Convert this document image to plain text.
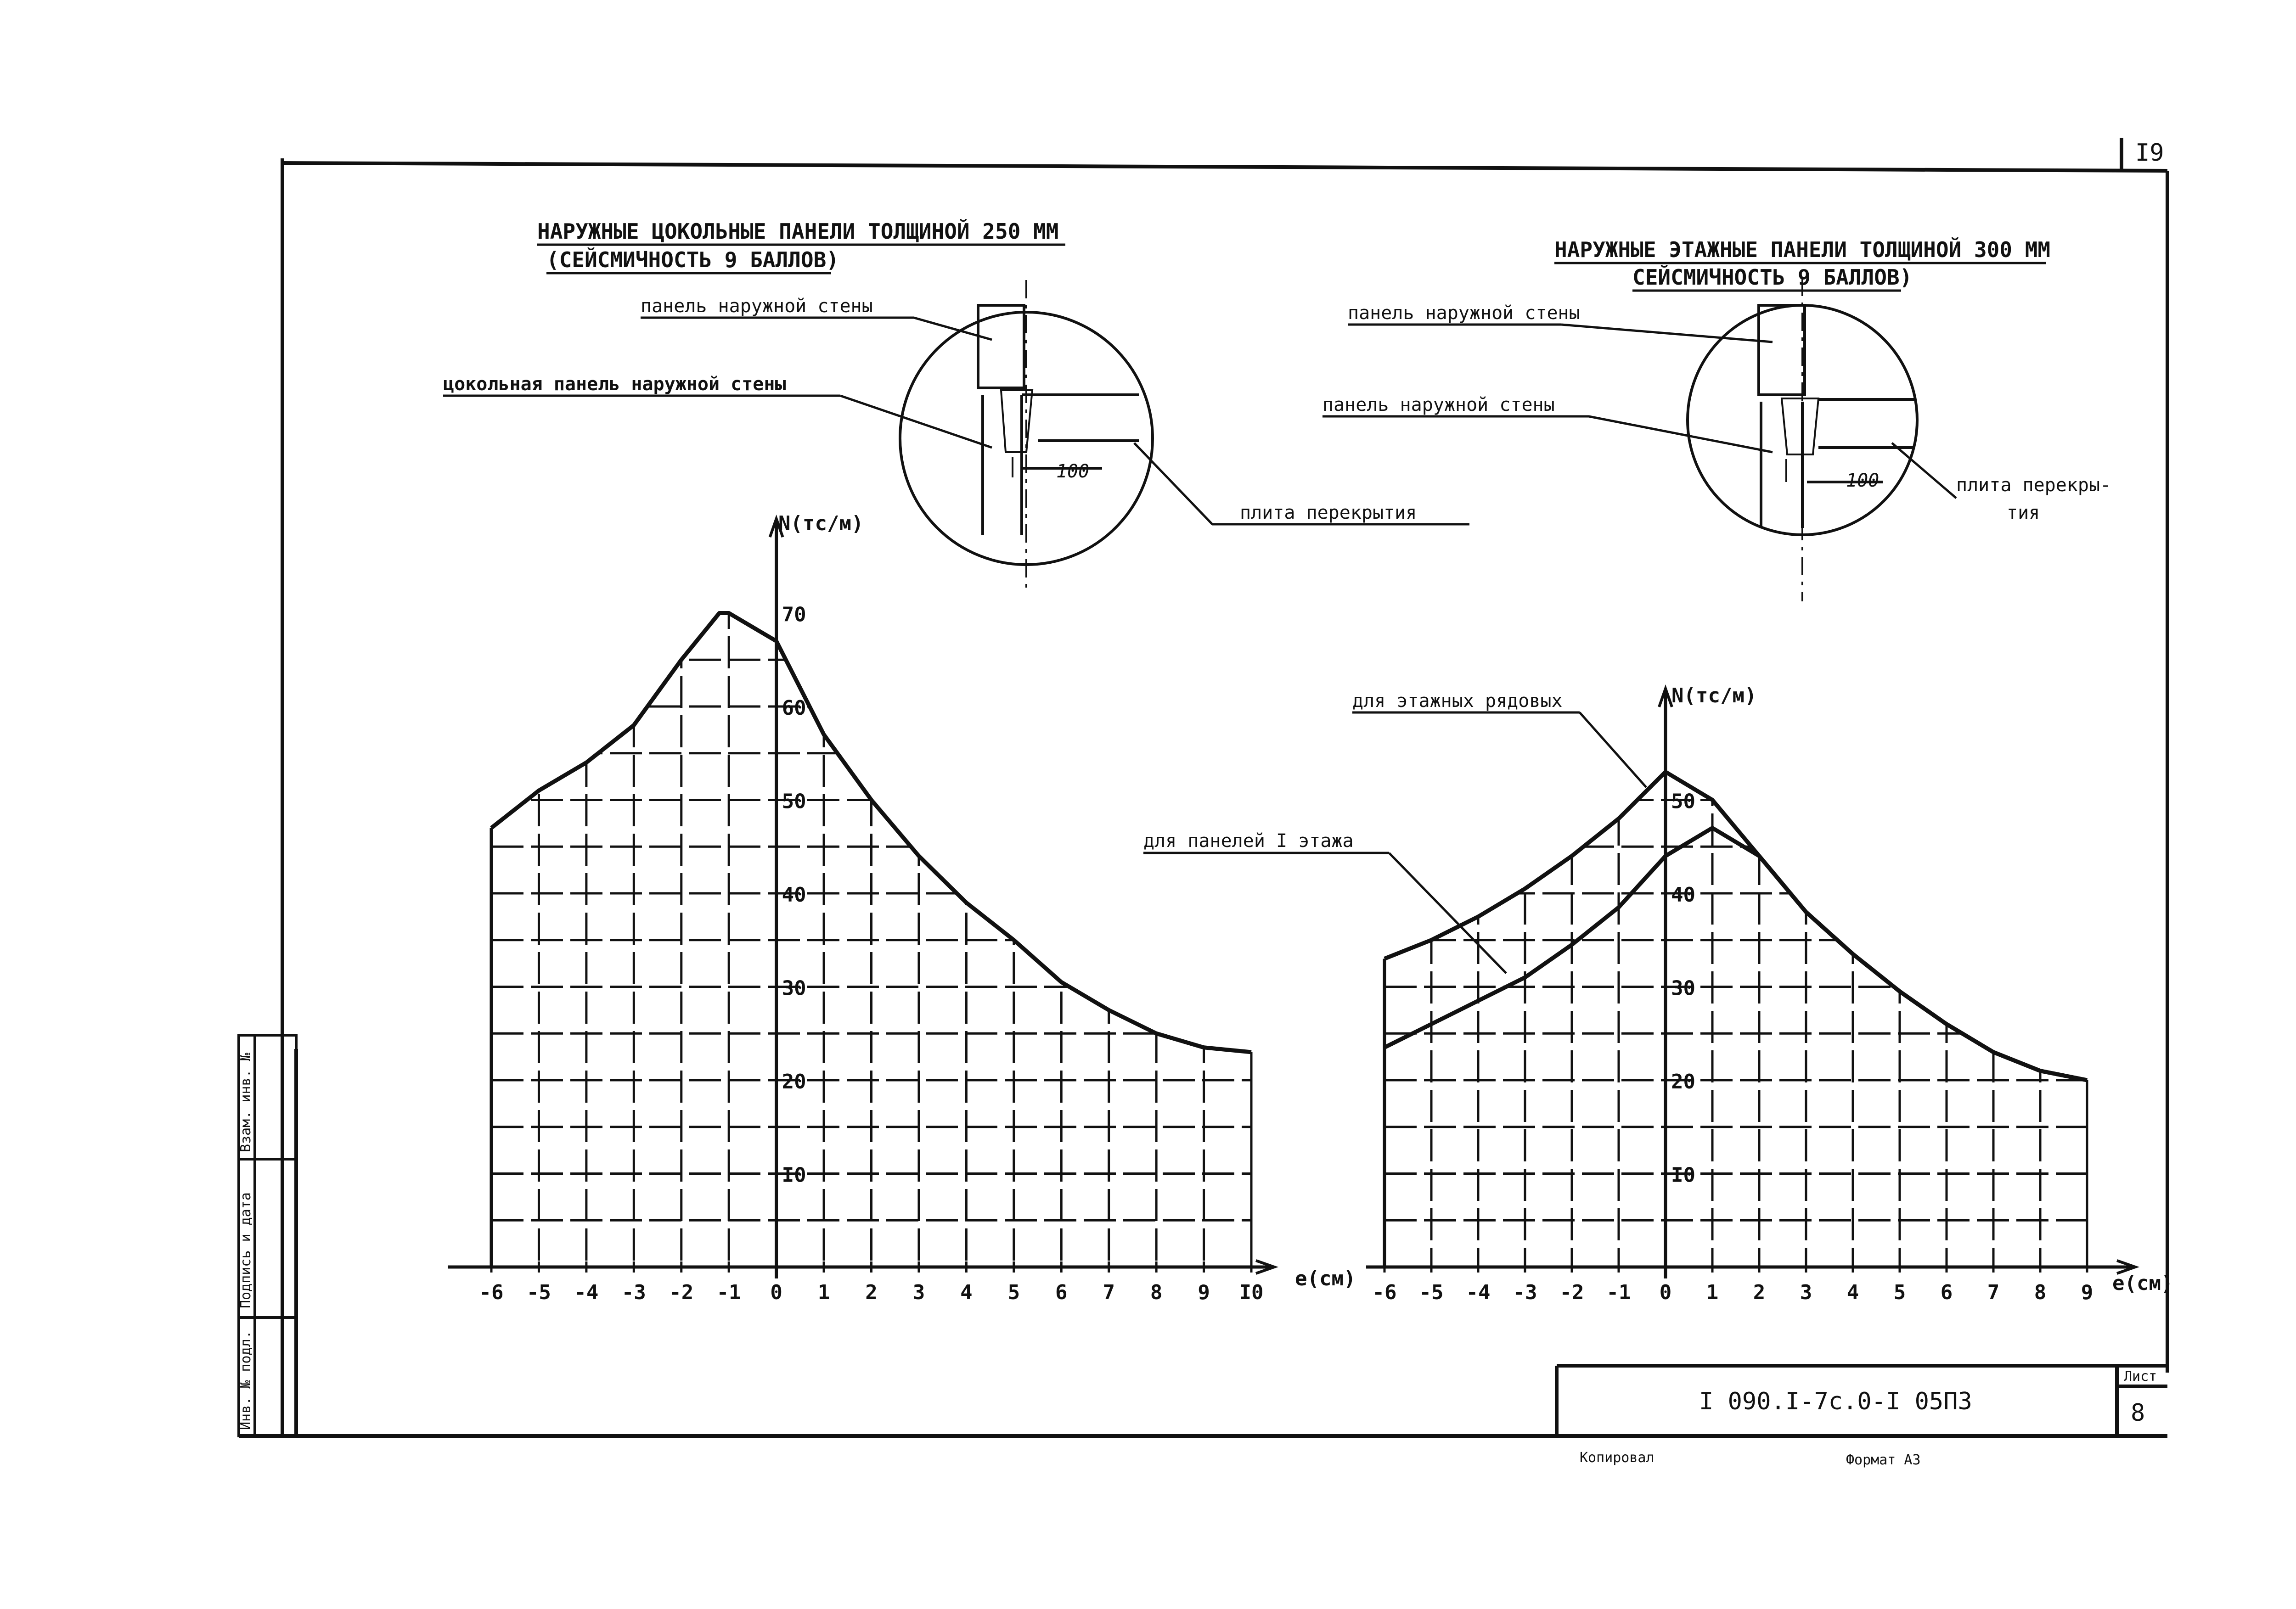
I9
Взам. инв. №
Подпись и дата
Инв. № подл.	I 090.I-7c.0-I 05ПЗ
Лист
8
Копировал	Формат А3
НАРУЖНЫЕ ЦОКОЛЬНЫЕ ПАНЕЛИ ТОЛЩИНОЙ 250 ММ
(СЕЙСМИЧНОСТЬ 9 БАЛЛОВ)
100
панель наружной стены
цокольная панель наружной стены
плита перекрытия
НАРУЖНЫЕ ЭТАЖНЫЕ ПАНЕЛИ ТОЛЩИНОЙ 300 ММ
СЕЙСМИЧНОСТЬ 9 БАЛЛОВ)
100
панель наружной стены
панель наружной стены
плита перекры-
тия
-6 -5 -4 -3 -2 -1 0 1 2 3 4 5 6 7 8 9 I0
I0
20
30
40
50
60
70
N(тс/м)
e(см)
-6 -5 -4 -3 -2 -1 0 1 2 3 4 5 6 7 8 9
I0
20
30
40
50
N(тс/м)
e(см)
для этажных рядовых
для панелей I этажа
